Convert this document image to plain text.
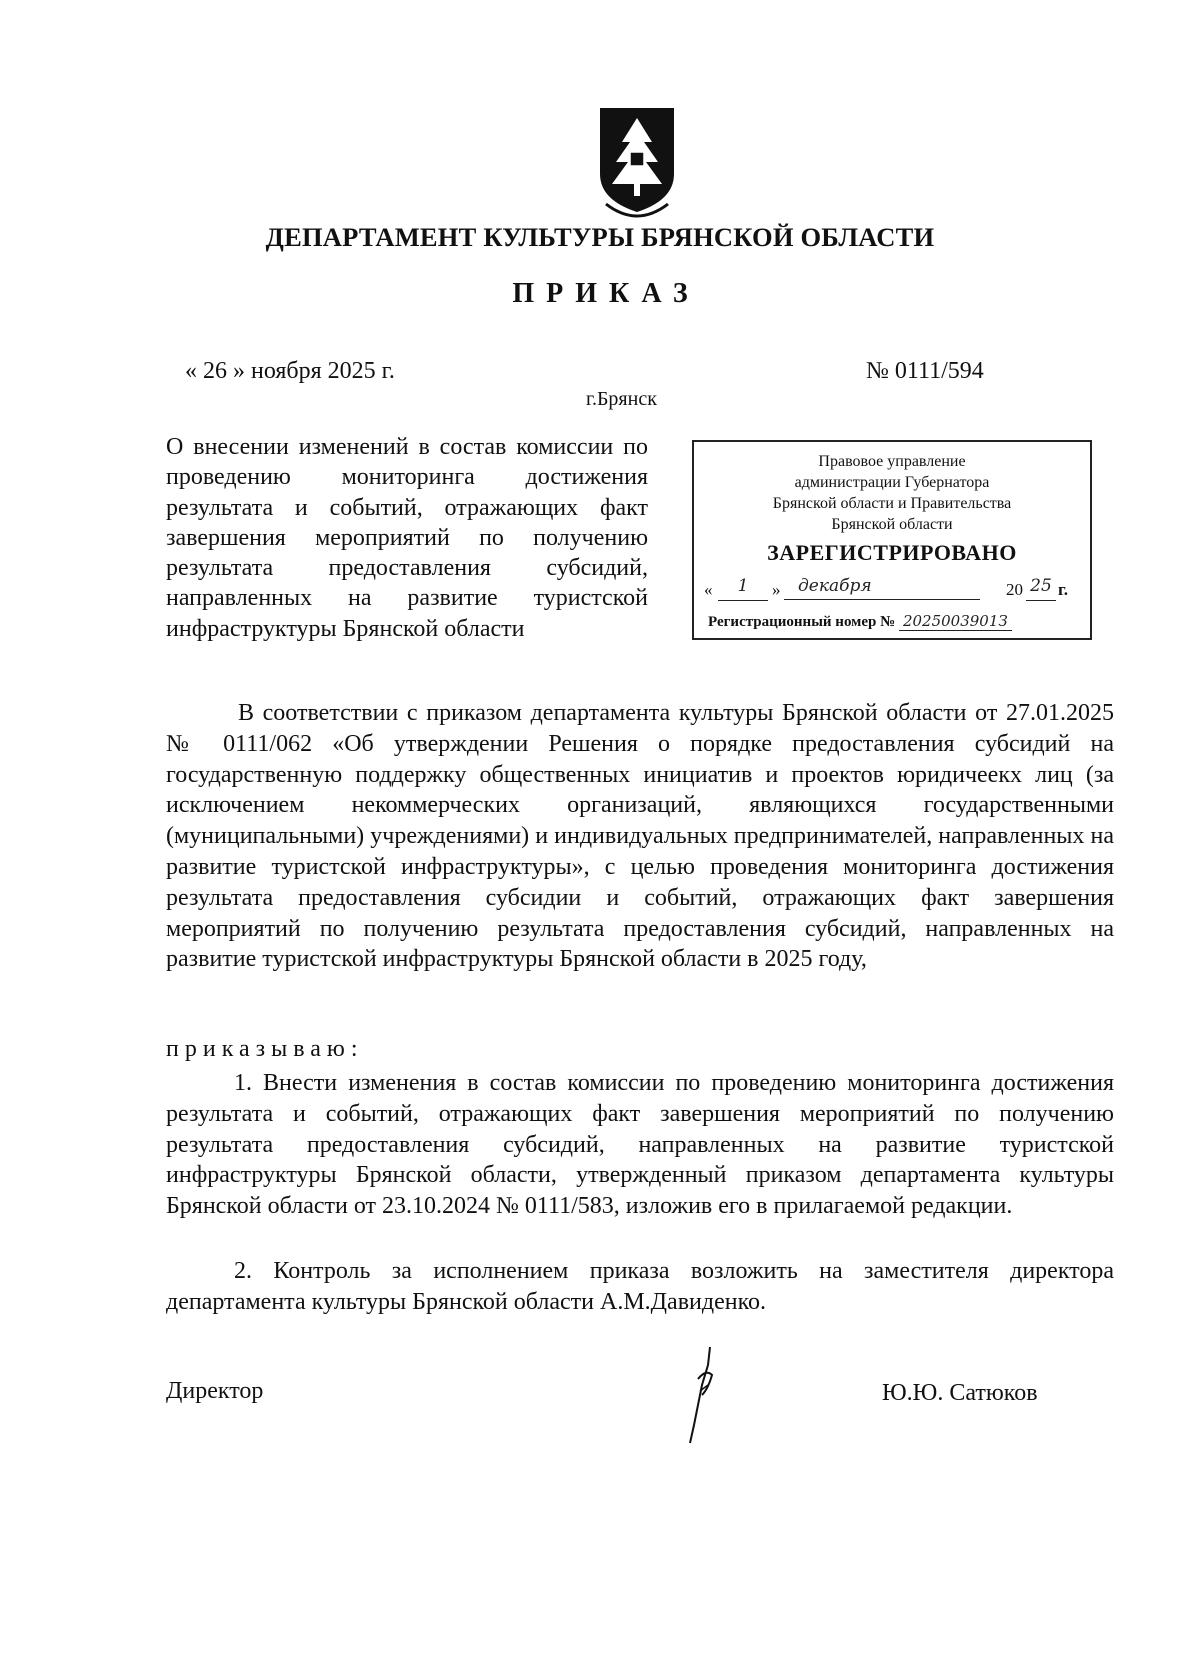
ДЕПАРТАМЕНТ КУЛЬТУРЫ БРЯНСКОЙ ОБЛАСТИ
ПРИКАЗ
« 26 » ноября 2025 г.	№ 0111/594
г.Брянск
О внесении изменений в состав комиссии по проведению мониторинга достижения результата и событий, отражающих факт завершения мероприятий по получению результата предоставления субсидий, направленных на развитие туристской инфраструктуры Брянской области
Правовое управление
администрации Губернатора
Брянской области и Правительства
Брянской области
ЗАРЕГИСТРИРОВАНО
«	1	»	декабря	20 25 г.
Регистрационный номер № 2025003901З
В соответствии с приказом департамента культуры Брянской области от 27.01.2025 № 0111/062 «Об утверждении Решения о порядке предоставления субсидий на государственную поддержку общественных инициатив и проектов юридичеекх лиц (за исключением некоммерческих организаций, являющихся государственными (муниципальными) учреждениями) и индивидуальных предпринимателей, направленных на развитие туристской инфраструктуры», с целью проведения мониторинга достижения результата предоставления субсидии и событий, отражающих факт завершения мероприятий по получению результата предоставления субсидий, направленных на развитие туристской инфраструктуры Брянской области в 2025 году,
приказываю:
1. Внести изменения в состав комиссии по проведению мониторинга достижения результата и событий, отражающих факт завершения мероприятий по получению результата предоставления субсидий, направленных на развитие туристской инфраструктуры Брянской области, утвержденный приказом департамента культуры Брянской области от 23.10.2024 № 0111/583, изложив его в прилагаемой редакции.
2. Контроль за исполнением приказа возложить на заместителя директора департамента культуры Брянской области А.М.Давиденко.
Директор	Ю.Ю. Сатюков
